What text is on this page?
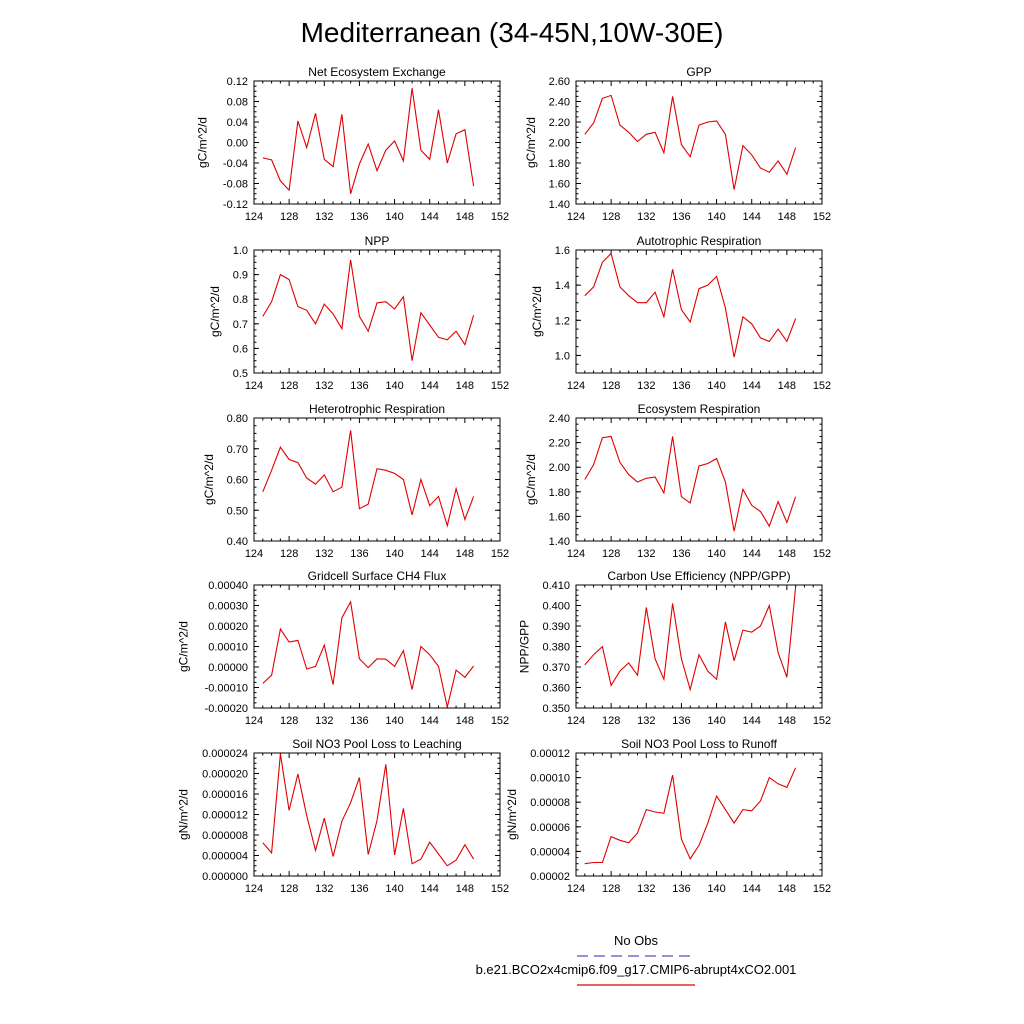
Mediterranean (34-45N,10W-30E)
Net Ecosystem Exchange
124 128 132 136 140 144 148 152
-0.12
-0.08
-0.04
0.00
0.04
0.08
0.12
gC/m^2/d
GPP
124 128 132 136 140 144 148 152
1.40
1.60
1.80
2.00
2.20
2.40
2.60
gC/m^2/d
NPP
124 128 132 136 140 144 148 152
0.5
0.6
0.7
0.8
0.9
1.0
gC/m^2/d
Autotrophic Respiration
124 128 132 136 140 144 148 152
1.0
1.2
1.4
1.6
gC/m^2/d
Heterotrophic Respiration
124 128 132 136 140 144 148 152
0.40
0.50
0.60
0.70
0.80
gC/m^2/d
Ecosystem Respiration
124 128 132 136 140 144 148 152
1.40
1.60
1.80
2.00
2.20
2.40
gC/m^2/d
Gridcell Surface CH4 Flux
124 128 132 136 140 144 148 152
-0.00020
-0.00010
0.00000
0.00010
0.00020
0.00030
0.00040
gC/m^2/d
Carbon Use Efficiency (NPP/GPP)
124 128 132 136 140 144 148 152
0.350
0.360
0.370
0.380
0.390
0.400
0.410
NPP/GPP
Soil NO3 Pool Loss to Leaching
124 128 132 136 140 144 148 152
0.000000
0.000004
0.000008
0.000012
0.000016
0.000020
0.000024
gN/m^2/d
Soil NO3 Pool Loss to Runoff
124 128 132 136 140 144 148 152
0.00002
0.00004
0.00006
0.00008
0.00010
0.00012
gN/m^2/d
No Obs
b.e21.BCO2x4cmip6.f09_g17.CMIP6-abrupt4xCO2.001
